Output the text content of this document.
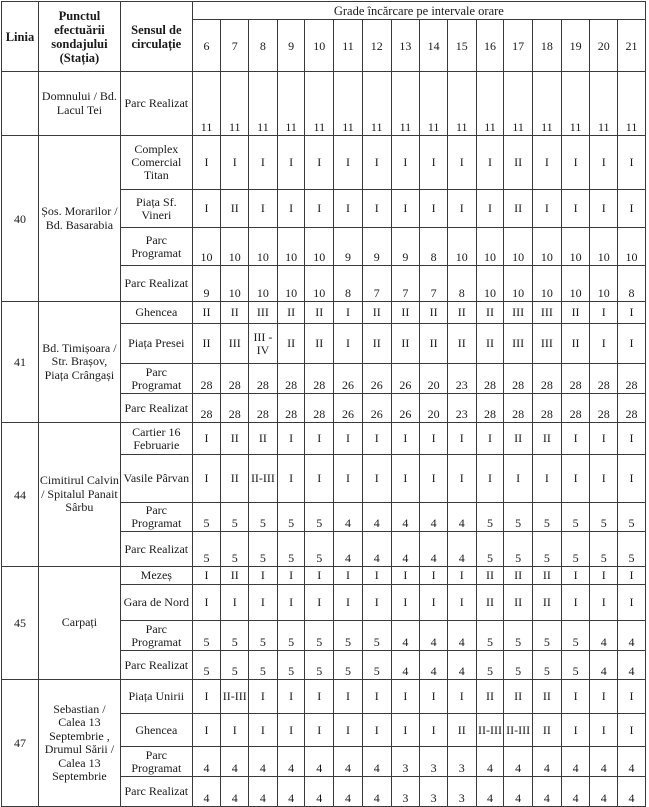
Linia	Punctul efectuării sondajului (Stația)	Sensul de circulație	Grade încărcare pe intervale orare															
			6	7	8	9	10	11	12	13	14	15	16	17	18	19	20	21
	Domnului / Bd. Lacul Tei	Parc Realizat	11	11	11	11	11	11	11	11	11	11	11	11	11	11	11	11
40	Șos. Morarilor / Bd. Basarabia	Complex Comercial Titan	I	I	I	I	I	I	I	I	I	I	I	II	I	I	I	I
		Piața Sf. Vineri	I	II	I	I	I	I	I	I	I	I	I	II	I	I	I	I
		Parc Programat	10	10	10	10	10	9	9	9	8	10	10	10	10	10	10	10
		Parc Realizat	9	10	10	10	10	8	7	7	7	8	10	10	10	10	10	8
41	Bd. Timișoara / Str. Brașov, Piața Crângași	Ghencea	II	II	III	II	II	I	II	II	II	II	II	III	III	II	I	I
		Piața Presei	II	III	III - IV	II	II	I	II	II	II	II	II	III	III	II	I	I
		Parc Programat	28	28	28	28	28	26	26	26	20	23	28	28	28	28	28	28
		Parc Realizat	28	28	28	28	28	26	26	26	20	23	28	28	28	28	28	28
44	Cimitirul Calvin / Spitalul Panait Sârbu	Cartier 16 Februarie	I	II	II	I	I	I	I	I	I	I	I	II	II	I	I	I
		Vasile Pârvan	I	II	II-III	I	I	I	I	I	I	I	I	I	I	I	I	I
		Parc Programat	5	5	5	5	5	4	4	4	4	4	5	5	5	5	5	5
		Parc Realizat	5	5	5	5	5	4	4	4	4	4	5	5	5	5	5	5
45	Carpați	Mezeș	I	II	I	I	I	I	I	I	I	I	II	II	II	I	I	I
		Gara de Nord	I	I	I	I	I	I	I	I	I	I	II	II	II	I	I	I
		Parc Programat	5	5	5	5	5	5	5	4	4	4	5	5	5	5	4	4
		Parc Realizat	5	5	5	5	5	5	5	4	4	4	5	5	5	5	4	4
47	Sebastian / Calea 13 Septembrie , Drumul Sării / Calea 13 Septembrie	Piața Unirii	I	II-III	I	I	I	I	I	I	I	I	II	II	II	I	I	I
		Ghencea	I	I	I	I	I	I	I	I	I	II	II-III	II-III	II	I	I	I
		Parc Programat	4	4	4	4	4	4	4	3	3	3	4	4	4	4	4	4
		Parc Realizat	4	4	4	4	4	4	4	3	3	3	4	4	4	4	4	4
